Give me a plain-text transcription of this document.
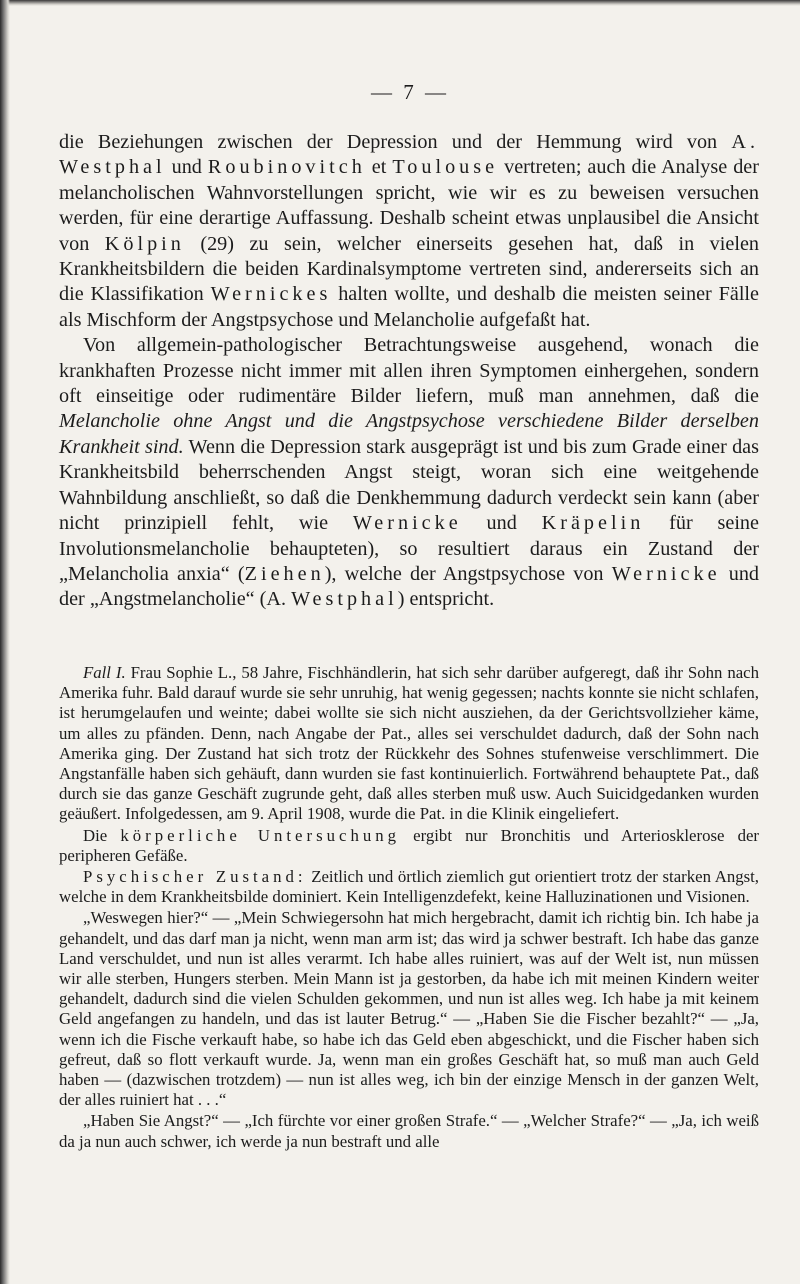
— 7 —

die Beziehungen zwischen der Depression und der Hemmung wird von A. Westphal und Roubinovitch et Toulouse vertreten; auch die Analyse der melancholischen Wahnvorstellungen spricht, wie wir es zu beweisen versuchen werden, für eine derartige Auffassung. Deshalb scheint etwas unplausibel die Ansicht von Kölpin (29) zu sein, welcher einerseits gesehen hat, daß in vielen Krankheitsbildern die beiden Kardinalsymptome vertreten sind, andererseits sich an die Klassifikation Wernickes halten wollte, und deshalb die meisten seiner Fälle als Mischform der Angstpsychose und Melancholie aufgefaßt hat.

Von allgemein-pathologischer Betrachtungsweise ausgehend, wonach die krankhaften Prozesse nicht immer mit allen ihren Symptomen einhergehen, sondern oft einseitige oder rudimentäre Bilder liefern, muß man annehmen, daß die Melancholie ohne Angst und die Angstpsychose verschiedene Bilder derselben Krankheit sind. Wenn die Depression stark ausgeprägt ist und bis zum Grade einer das Krankheitsbild beherrschenden Angst steigt, woran sich eine weitgehende Wahnbildung anschließt, so daß die Denkhemmung dadurch verdeckt sein kann (aber nicht prinzipiell fehlt, wie Wernicke und Kräpelin für seine Involutionsmelancholie behaupteten), so resultiert daraus ein Zustand der „Melancholia anxia“ (Ziehen), welche der Angstpsychose von Wernicke und der „Angstmelancholie“ (A. Westphal) entspricht.

Fall I. Frau Sophie L., 58 Jahre, Fischhändlerin, hat sich sehr darüber aufgeregt, daß ihr Sohn nach Amerika fuhr. Bald darauf wurde sie sehr unruhig, hat wenig gegessen; nachts konnte sie nicht schlafen, ist herumgelaufen und weinte; dabei wollte sie sich nicht ausziehen, da der Gerichtsvollzieher käme, um alles zu pfänden. Denn, nach Angabe der Pat., alles sei verschuldet dadurch, daß der Sohn nach Amerika ging. Der Zustand hat sich trotz der Rückkehr des Sohnes stufenweise verschlimmert. Die Angstanfälle haben sich gehäuft, dann wurden sie fast kontinuierlich. Fortwährend behauptete Pat., daß durch sie das ganze Geschäft zugrunde geht, daß alles sterben muß usw. Auch Suicidgedanken wurden geäußert. Infolgedessen, am 9. April 1908, wurde die Pat. in die Klinik eingeliefert.

Die körperliche Untersuchung ergibt nur Bronchitis und Arteriosklerose der peripheren Gefäße.

Psychischer Zustand: Zeitlich und örtlich ziemlich gut orientiert trotz der starken Angst, welche in dem Krankheitsbilde dominiert. Kein Intelligenzdefekt, keine Halluzinationen und Visionen.

„Weswegen hier?“ — „Mein Schwiegersohn hat mich hergebracht, damit ich richtig bin. Ich habe ja gehandelt, und das darf man ja nicht, wenn man arm ist; das wird ja schwer bestraft. Ich habe das ganze Land verschuldet, und nun ist alles verarmt. Ich habe alles ruiniert, was auf der Welt ist, nun müssen wir alle sterben, Hungers sterben. Mein Mann ist ja gestorben, da habe ich mit meinen Kindern weiter gehandelt, dadurch sind die vielen Schulden gekommen, und nun ist alles weg. Ich habe ja mit keinem Geld angefangen zu handeln, und das ist lauter Betrug.“ — „Haben Sie die Fischer bezahlt?“ — „Ja, wenn ich die Fische verkauft habe, so habe ich das Geld eben abgeschickt, und die Fischer haben sich gefreut, daß so flott verkauft wurde. Ja, wenn man ein großes Geschäft hat, so muß man auch Geld haben — (dazwischen trotzdem) — nun ist alles weg, ich bin der einzige Mensch in der ganzen Welt, der alles ruiniert hat . . .“

„Haben Sie Angst?“ — „Ich fürchte vor einer großen Strafe.“ — „Welcher Strafe?“ — „Ja, ich weiß da ja nun auch schwer, ich werde ja nun bestraft und alle
